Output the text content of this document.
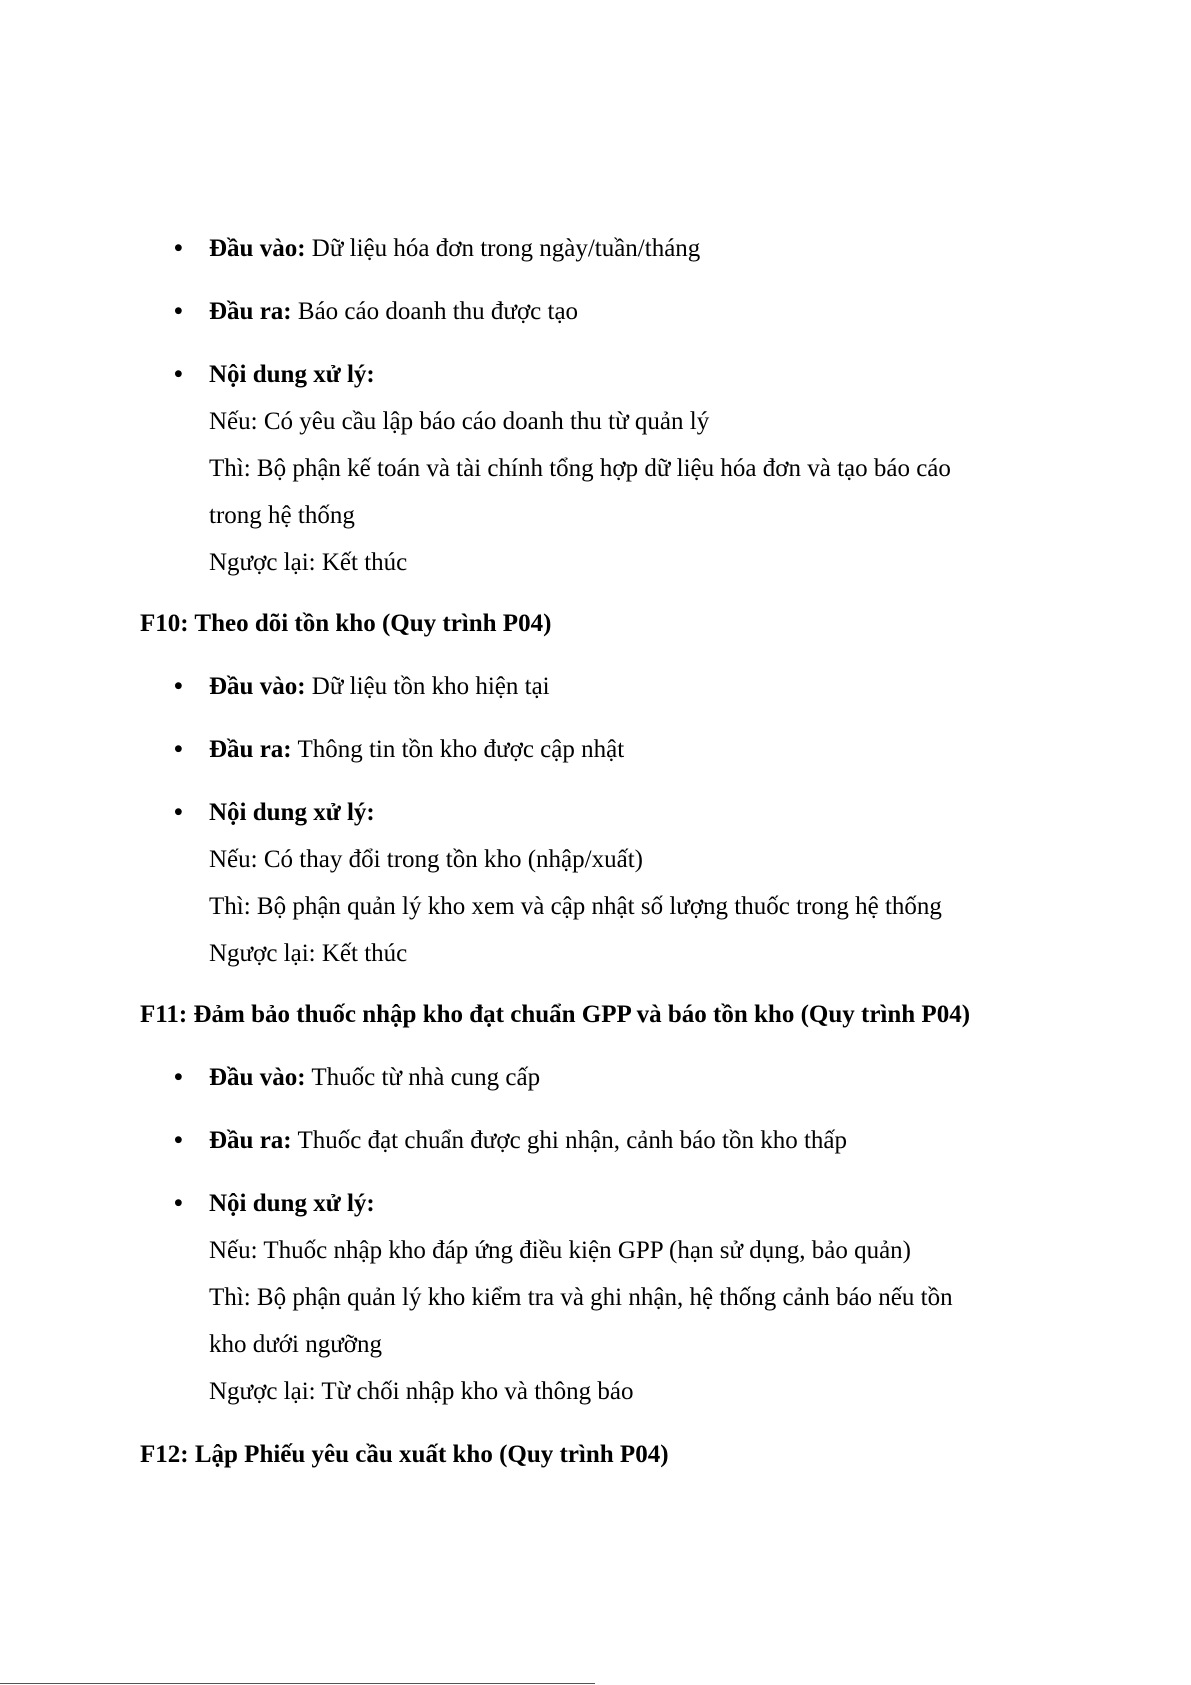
•	Đầu vào: Dữ liệu hóa đơn trong ngày/tuần/tháng
•	Đầu ra: Báo cáo doanh thu được tạo
•	Nội dung xử lý:
Nếu: Có yêu cầu lập báo cáo doanh thu từ quản lý
Thì: Bộ phận kế toán và tài chính tổng hợp dữ liệu hóa đơn và tạo báo cáo
trong hệ thống
Ngược lại: Kết thúc
F10: Theo dõi tồn kho (Quy trình P04)
•	Đầu vào: Dữ liệu tồn kho hiện tại
•	Đầu ra: Thông tin tồn kho được cập nhật
•	Nội dung xử lý:
Nếu: Có thay đổi trong tồn kho (nhập/xuất)
Thì: Bộ phận quản lý kho xem và cập nhật số lượng thuốc trong hệ thống
Ngược lại: Kết thúc
F11: Đảm bảo thuốc nhập kho đạt chuẩn GPP và báo tồn kho (Quy trình P04)
•	Đầu vào: Thuốc từ nhà cung cấp
•	Đầu ra: Thuốc đạt chuẩn được ghi nhận, cảnh báo tồn kho thấp
•	Nội dung xử lý:
Nếu: Thuốc nhập kho đáp ứng điều kiện GPP (hạn sử dụng, bảo quản)
Thì: Bộ phận quản lý kho kiểm tra và ghi nhận, hệ thống cảnh báo nếu tồn
kho dưới ngưỡng
Ngược lại: Từ chối nhập kho và thông báo
F12: Lập Phiếu yêu cầu xuất kho (Quy trình P04)
